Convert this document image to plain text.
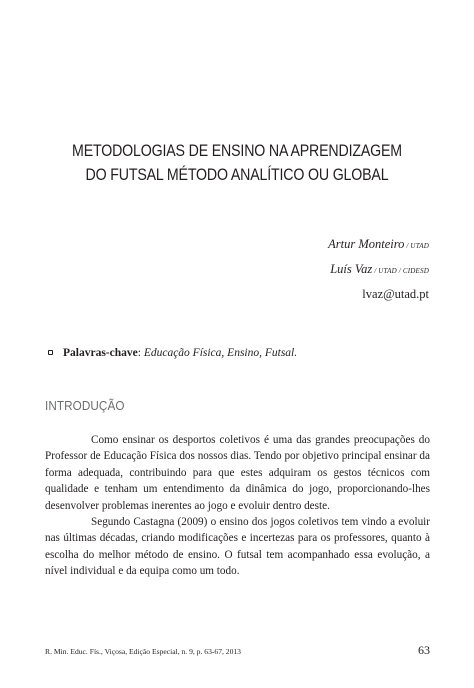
METODOLOGIAS DE ENSINO NA APRENDIZAGEM
DO FUTSAL MÉTODO ANALÍTICO OU GLOBAL
Artur Monteiro / UTAD
Luís Vaz / UTAD / CIDESD
lvaz@utad.pt
Palavras-chave: Educação Física, Ensino, Futsal.
INTRODUÇÃO

Como ensinar os desportos coletivos é uma das grandes preocupações do Professor de Educação Física dos nossos dias. Tendo por objetivo principal ensinar da forma adequada, contribuindo para que estes adquiram os gestos técnicos com qualidade e tenham um entendimento da dinâmica do jogo, proporcionando-lhes desenvolver problemas inerentes ao jogo e evoluir dentro deste.

Segundo Castagna (2009) o ensino dos jogos coletivos tem vindo a evoluir nas últimas décadas, criando modificações e incertezas para os professores, quanto à escolha do melhor método de ensino. O futsal tem acompanhado essa evolução, a nível individual e da equipa como um todo.

R. Min. Educ. Fís., Viçosa, Edição Especial, n. 9, p. 63-67, 2013	63
